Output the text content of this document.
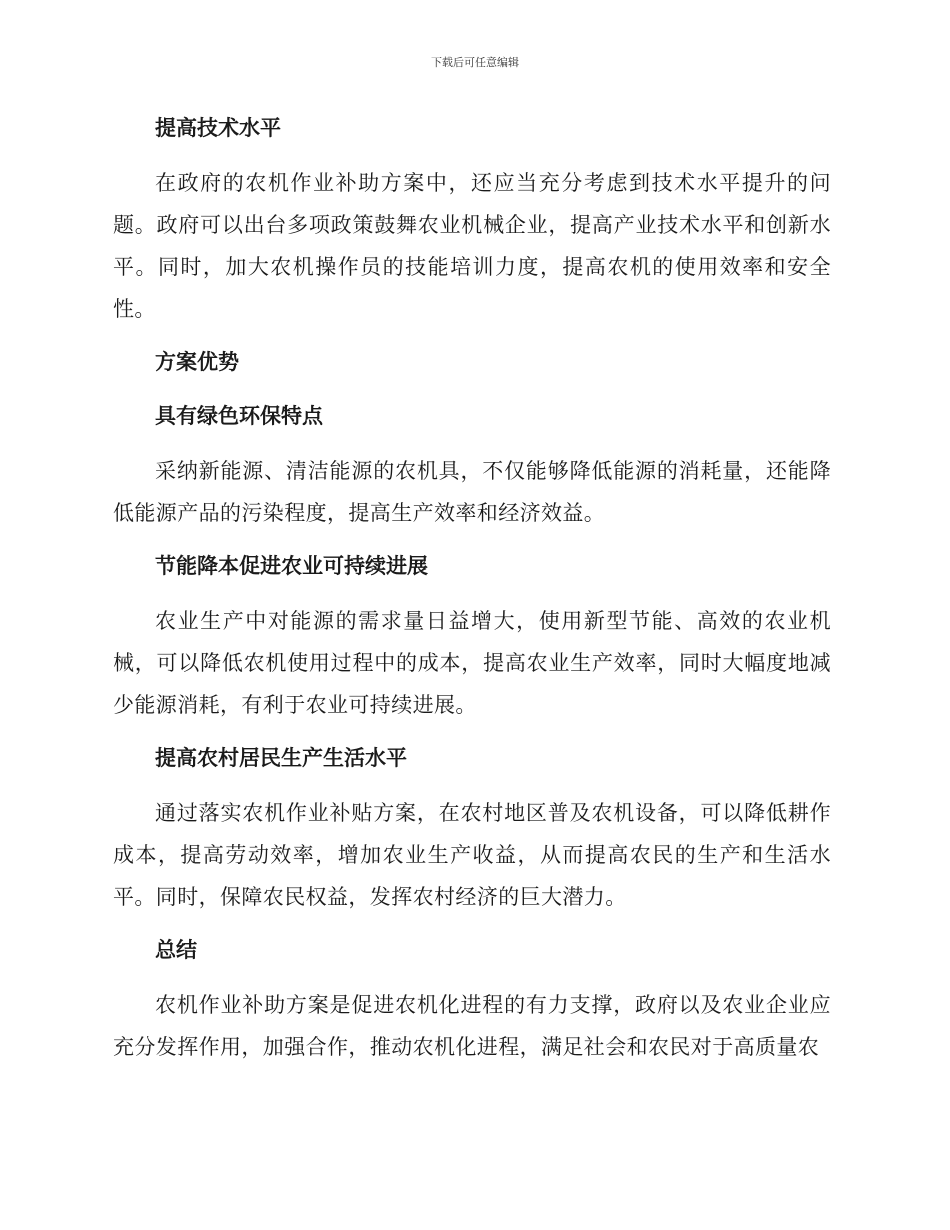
下载后可任意编辑
提高技术水平
在政府的农机作业补助方案中，还应当充分考虑到技术水平提升的问题。政府可以出台多项政策鼓舞农业机械企业，提高产业技术水平和创新水平。同时，加大农机操作员的技能培训力度，提高农机的使用效率和安全性。
方案优势
具有绿色环保特点
采纳新能源、清洁能源的农机具，不仅能够降低能源的消耗量，还能降低能源产品的污染程度，提高生产效率和经济效益。
节能降本促进农业可持续进展
农业生产中对能源的需求量日益增大，使用新型节能、高效的农业机械，可以降低农机使用过程中的成本，提高农业生产效率，同时大幅度地减少能源消耗，有利于农业可持续进展。
提高农村居民生产生活水平
通过落实农机作业补贴方案，在农村地区普及农机设备，可以降低耕作成本，提高劳动效率，增加农业生产收益，从而提高农民的生产和生活水平。同时，保障农民权益，发挥农村经济的巨大潜力。
总结
农机作业补助方案是促进农机化进程的有力支撑，政府以及农业企业应充分发挥作用，加强合作，推动农机化进程，满足社会和农民对于高质量农
